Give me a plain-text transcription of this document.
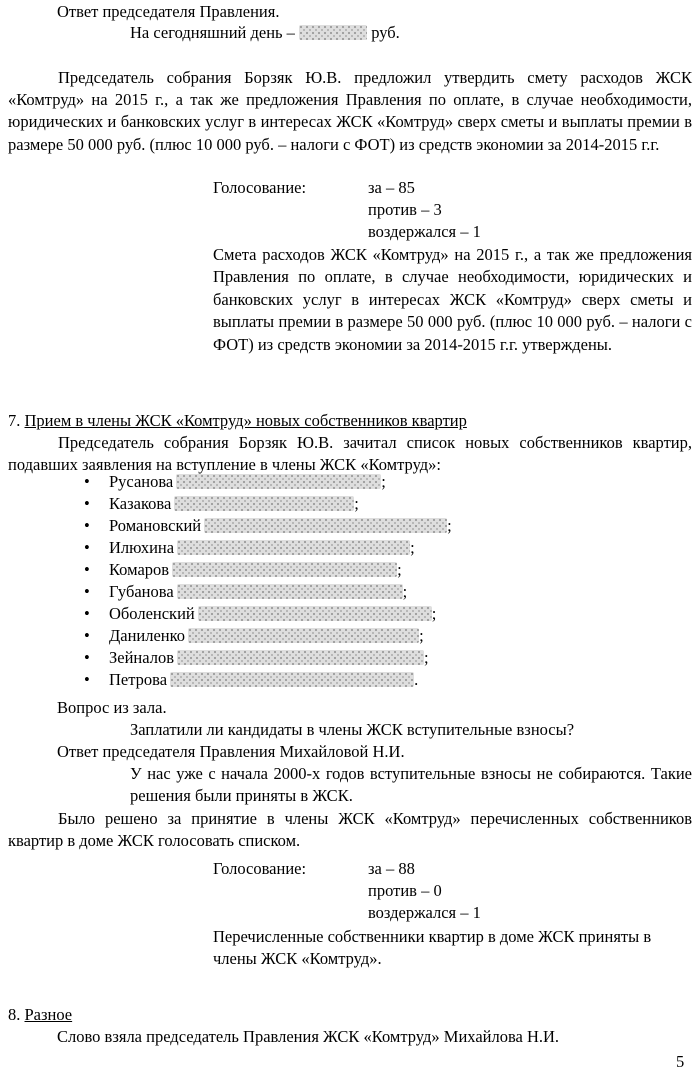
Ответ председателя Правления.
На сегодняшний день –	руб.

Председатель собрания Борзяк Ю.В. предложил утвердить смету расходов ЖСК «Комтруд» на 2015 г., а так же предложения Правления по оплате, в случае необходимости, юридических и банковских услуг в интересах ЖСК «Комтруд» сверх сметы и выплаты премии в размере 50 000 руб. (плюс 10 000 руб. – налоги с ФОТ) из средств экономии за 2014-2015 г.г.

Голосование:	за – 85
против – 3
воздержался – 1

Смета расходов ЖСК «Комтруд» на 2015 г., а так же предложения Правления по оплате, в случае необходимости, юридических и банковских услуг в интересах ЖСК «Комтруд» сверх сметы и выплаты премии в размере 50 000 руб. (плюс 10 000 руб. – налоги с ФОТ) из средств экономии за 2014-2015 г.г. утверждены.

7. Прием в члены ЖСК «Комтруд» новых собственников квартир

Председатель собрания Борзяк Ю.В. зачитал список новых собственников квартир, подавших заявления на вступление в члены ЖСК «Комтруд»:

• Русанова	;
• Казакова	;
• Романовский	;
• Илюхина	;
• Комаров	;
• Губанова	;
• Оболенский	;
• Даниленко	;
• Зейналов	;
• Петрова	.
Вопрос из зала.
Заплатили ли кандидаты в члены ЖСК вступительные взносы?
Ответ председателя Правления Михайловой Н.И.

У нас уже с начала 2000-х годов вступительные взносы не собираются. Такие решения были приняты в ЖСК.

Было решено за принятие в члены ЖСК «Комтруд» перечисленных собственников квартир в доме ЖСК голосовать списком.

Голосование:	за – 88
против – 0
воздержался – 1

Перечисленные собственники квартир в доме ЖСК приняты в члены ЖСК «Комтруд».

8. Разное
Слово взяла председатель Правления ЖСК «Комтруд» Михайлова Н.И.
5
